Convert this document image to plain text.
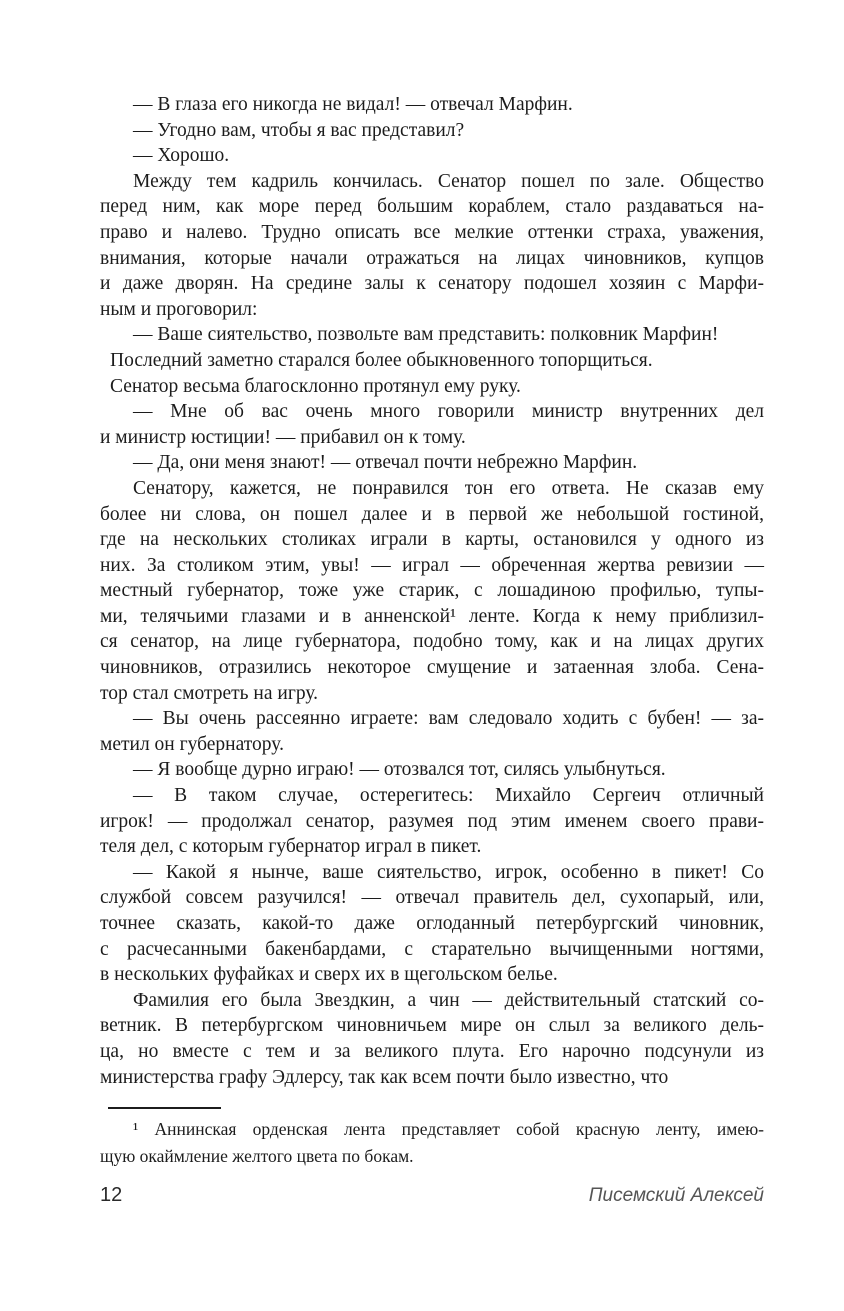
— В глаза его никогда не видал! — отвечал Марфин.
— Угодно вам, чтобы я вас представил?
— Хорошо.
Между тем кадриль кончилась. Сенатор пошел по зале. Общество
перед ним, как море перед большим кораблем, стало раздаваться на-
право и налево. Трудно описать все мелкие оттенки страха, уважения,
внимания, которые начали отражаться на лицах чиновников, купцов
и даже дворян. На средине залы к сенатору подошел хозяин с Марфи-
ным и проговорил:
— Ваше сиятельство, позвольте вам представить: полковник Марфин!
Последний заметно старался более обыкновенного топорщиться.
Сенатор весьма благосклонно протянул ему руку.
— Мне об вас очень много говорили министр внутренних дел
и министр юстиции! — прибавил он к тому.
— Да, они меня знают! — отвечал почти небрежно Марфин.
Сенатору, кажется, не понравился тон его ответа. Не сказав ему
более ни слова, он пошел далее и в первой же небольшой гостиной,
где на нескольких столиках играли в карты, остановился у одного из
них. За столиком этим, увы! — играл — обреченная жертва ревизии —
местный губернатор, тоже уже старик, с лошадиною профилью, тупы-
ми, телячьими глазами и в анненской¹ ленте. Когда к нему приблизил-
ся сенатор, на лице губернатора, подобно тому, как и на лицах других
чиновников, отразились некоторое смущение и затаенная злоба. Сена-
тор стал смотреть на игру.
— Вы очень рассеянно играете: вам следовало ходить с бубен! — за-
метил он губернатору.
— Я вообще дурно играю! — отозвался тот, силясь улыбнуться.
— В таком случае, остерегитесь: Михайло Сергеич отличный
игрок! — продолжал сенатор, разумея под этим именем своего прави-
теля дел, с которым губернатор играл в пикет.
— Какой я нынче, ваше сиятельство, игрок, особенно в пикет! Со
службой совсем разучился! — отвечал правитель дел, сухопарый, или,
точнее сказать, какой-то даже оглоданный петербургский чиновник,
с расчесанными бакенбардами, с старательно вычищенными ногтями,
в нескольких фуфайках и сверх их в щегольском белье.
Фамилия его была Звездкин, а чин — действительный статский со-
ветник. В петербургском чиновничьем мире он слыл за великого дель-
ца, но вместе с тем и за великого плута. Его нарочно подсунули из
министерства графу Эдлерсу, так как всем почти было известно, что
¹ Аннинская орденская лента представляет собой красную ленту, имею-
щую окаймление желтого цвета по бокам.
12	Писемский Алексей
